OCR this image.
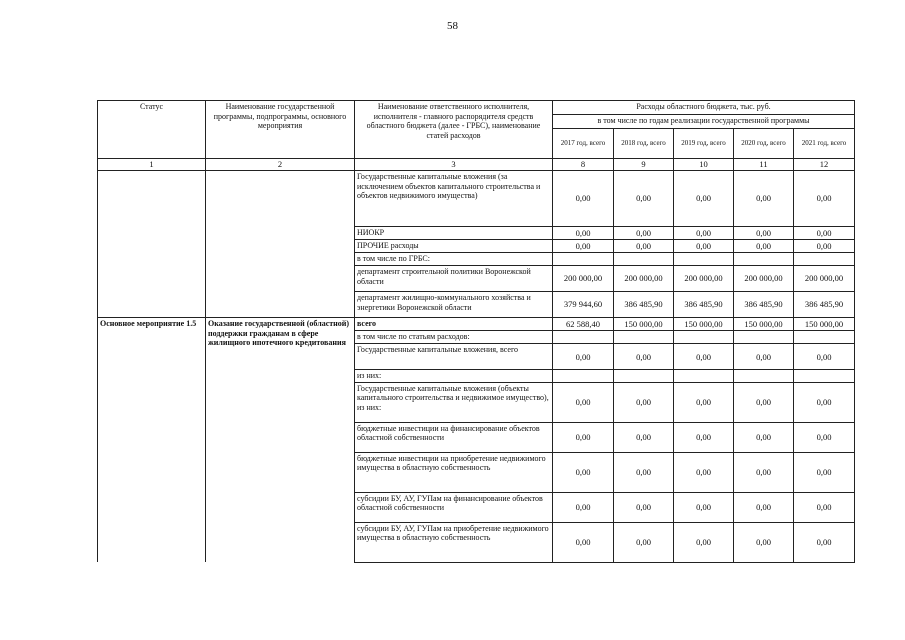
58
Статус	Наименование государственной программы, подпрограммы, основного мероприятия	Наименование ответственного исполнителя, исполнителя - главного распорядителя средств областного бюджета (далее - ГРБС), наименование статей расходов	Расходы областного бюджета, тыс. руб.				
			в том числе по годам реализации государственной программы				
			2017 год, всего	2018 год, всего	2019 год, всего	2020 год, всего	2021 год, всего
1	2	3	8	9	10	11	12
		Государственные капитальные вложения (за исключением объектов капитального строительства и объектов недвижимого имущества)	0,00	0,00	0,00	0,00	0,00
		НИОКР	0,00	0,00	0,00	0,00	0,00
		ПРОЧИЕ расходы	0,00	0,00	0,00	0,00	0,00
		в том числе по ГРБС:					
		департамент строительной политики Воронежской области	200 000,00	200 000,00	200 000,00	200 000,00	200 000,00
		департамент жилищно-коммунального хозяйства и энергетики Воронежской области	379 944,60	386 485,90	386 485,90	386 485,90	386 485,90
Основное мероприятие 1.5	Оказание государственной (областной) поддержки гражданам в сфере жилищного ипотечного кредитования	всего	62 588,40	150 000,00	150 000,00	150 000,00	150 000,00
		в том числе по статьям расходов:					
		Государственные капитальные вложения, всего	0,00	0,00	0,00	0,00	0,00
		из них:					
		Государственные капитальные вложения (объекты капитального строительства и недвижимое имущество), из них:	0,00	0,00	0,00	0,00	0,00
		бюджетные инвестиции на финансирование объектов областной собственности	0,00	0,00	0,00	0,00	0,00
		бюджетные инвестиции на приобретение недвижимого имущества в областную собственность	0,00	0,00	0,00	0,00	0,00
		субсидии БУ, АУ, ГУПам на финансирование объектов областной собственности	0,00	0,00	0,00	0,00	0,00
		субсидии БУ, АУ, ГУПам на приобретение недвижимого имущества в областную собственность	0,00	0,00	0,00	0,00	0,00
